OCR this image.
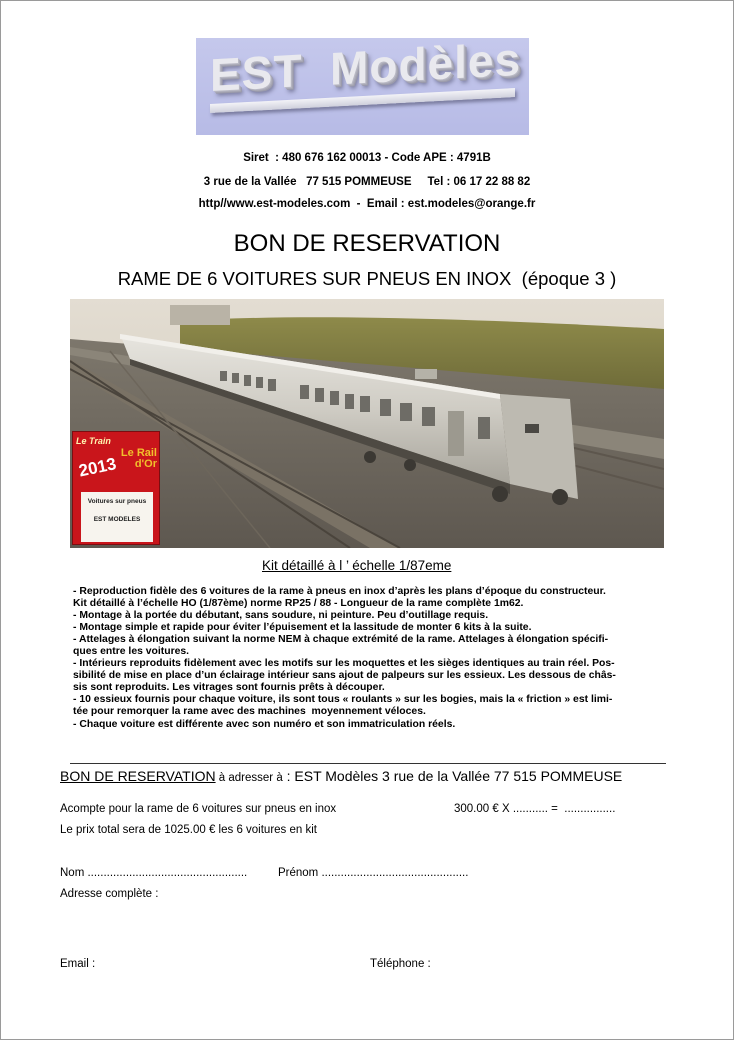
EST  Modèles
Siret  : 480 676 162 00013 - Code APE : 4791B
3 rue de la Vallée   77 515 POMMEUSE     Tel : 06 17 22 88 82
http//www.est-modeles.com  -  Email : est.modeles@orange.fr
BON DE RESERVATION
RAME DE 6 VOITURES SUR PNEUS EN INOX  (époque 3 )
Le Train
Le Rail d'Or
2013
Voitures sur pneus
EST MODELES
Kit détaillé à l ’ échelle 1/87eme
- Reproduction fidèle des 6 voitures de la rame à pneus en inox d’après les plans d’époque du constructeur.
Kit détaillé à l’échelle HO (1/87ème) norme RP25 / 88 - Longueur de la rame complète 1m62.
- Montage à la portée du débutant, sans soudure, ni peinture. Peu d’outillage requis.
- Montage simple et rapide pour éviter l’épuisement et la lassitude de monter 6 kits à la suite.
- Attelages à élongation suivant la norme NEM à chaque extrémité de la rame. Attelages à élongation spécifi-
ques entre les voitures.
- Intérieurs reproduits fidèlement avec les motifs sur les moquettes et les sièges identiques au train réel. Pos-
sibilité de mise en place d’un éclairage intérieur sans ajout de palpeurs sur les essieux. Les dessous de châs-
sis sont reproduits. Les vitrages sont fournis prêts à découper.
- 10 essieux fournis pour chaque voiture, ils sont tous « roulants » sur les bogies, mais la « friction » est limi-
tée pour remorquer la rame avec des machines  moyennement véloces.
- Chaque voiture est différente avec son numéro et son immatriculation réels.
BON DE RESERVATION à adresser à : EST Modèles 3 rue de la Vallée 77 515 POMMEUSE
Acompte pour la rame de 6 voitures sur pneus en inox	300.00 € X ........... =  ................
Le prix total sera de 1025.00 € les 6 voitures en kit
Nom ..................................................	Prénom ..............................................
Adresse complète :
Email :	Téléphone :
